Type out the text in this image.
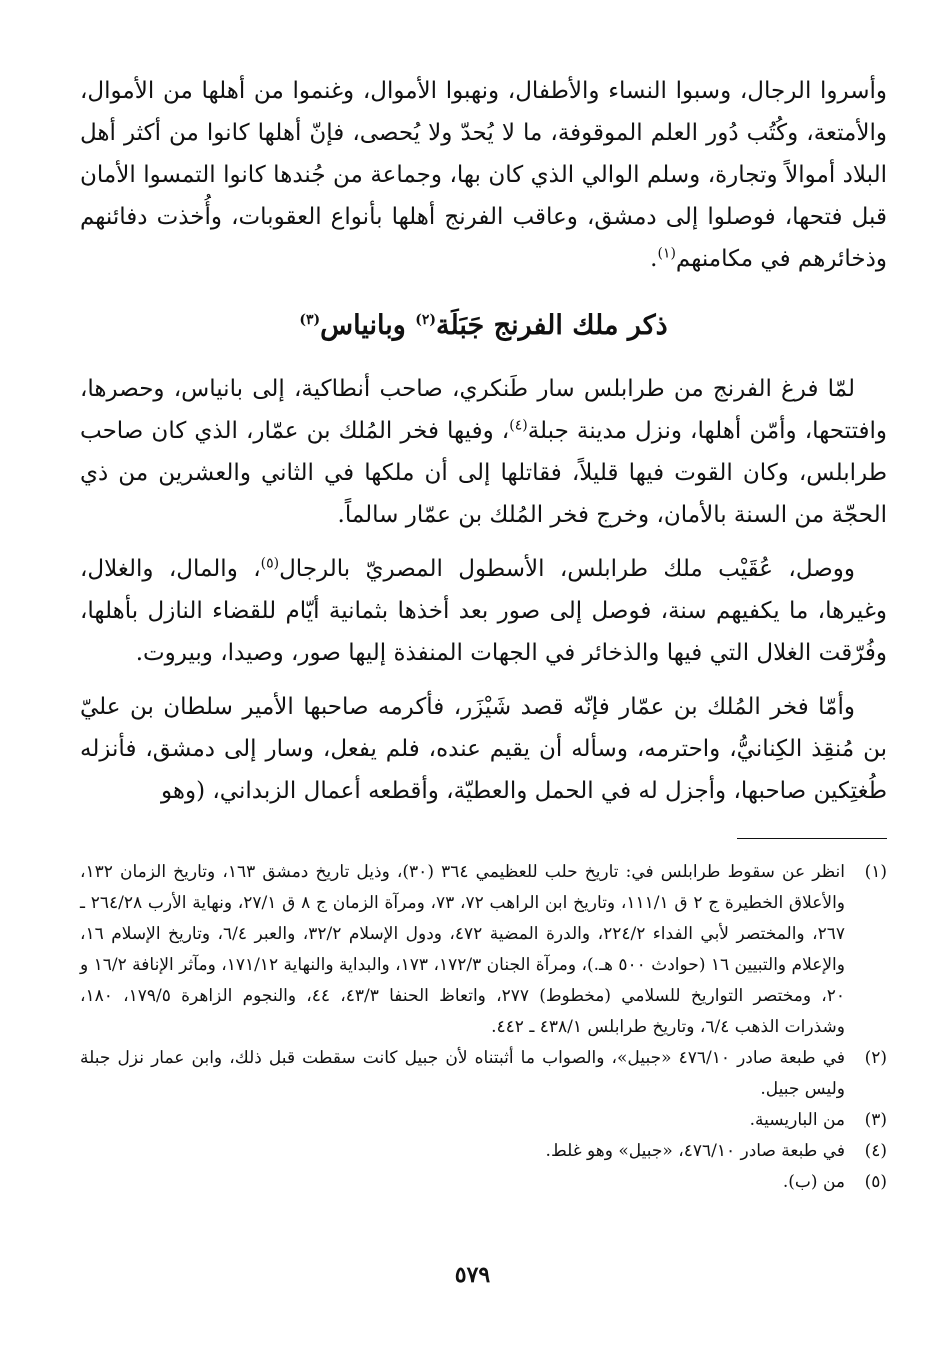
وأسروا الرجال، وسبوا النساء والأطفال، ونهبوا الأموال، وغنموا من أهلها من الأموال، والأمتعة، وكُتُب دُور العلم الموقوفة، ما لا يُحدّ ولا يُحصى، فإنّ أهلها كانوا من أكثر أهل البلاد أموالاً وتجارة، وسلم الوالي الذي كان بها، وجماعة من جُندها كانوا التمسوا الأمان قبل فتحها، فوصلوا إلى دمشق، وعاقب الفرنج أهلها بأنواع العقوبات، وأُخذت دفائنهم وذخائرهم في مكامنهم$^{(١)}$.

ذكر ملك الفرنج جَبَلَة$^{(٢)}$ وبانياس$^{(٣)}$

لمّا فرغ الفرنج من طرابلس سار طَنكري، صاحب أنطاكية، إلى بانياس، وحصرها، وافتتحها، وأمّن أهلها، ونزل مدينة جبلة$^{(٤)}$، وفيها فخر المُلك بن عمّار، الذي كان صاحب طرابلس، وكان القوت فيها قليلاً، فقاتلها إلى أن ملكها في الثاني والعشرين من ذي الحجّة من السنة بالأمان، وخرج فخر المُلك بن عمّار سالماً.

ووصل، عُقَيْب ملك طرابلس، الأسطول المصريّ بالرجال$^{(٥)}$، والمال، والغلال، وغيرها، ما يكفيهم سنة، فوصل إلى صور بعد أخذها بثمانية أيّام للقضاء النازل بأهلها، وفُرّقت الغلال التي فيها والذخائر في الجهات المنفذة إليها صور، وصيدا، وبيروت.

وأمّا فخر المُلك بن عمّار فإنّه قصد شَيْزَر، فأكرمه صاحبها الأمير سلطان بن عليّ بن مُنقِذ الكِنانيُّ، واحترمه، وسأله أن يقيم عنده، فلم يفعل، وسار إلى دمشق، فأنزله طُغتِكين صاحبها، وأجزل له في الحمل والعطيّة، وأقطعه أعمال الزبداني، (وهو

(١)
انظر عن سقوط طرابلس في: تاريخ حلب للعظيمي ٣٦٤ (٣٠)، وذيل تاريخ دمشق ١٦٣، وتاريخ الزمان ١٣٢، والأعلاق الخطيرة ج ٢ ق ١١١/١، وتاريخ ابن الراهب ٧٢، ٧٣، ومرآة الزمان ج ٨ ق ٢٧/١، ونهاية الأرب ٢٦٤/٢٨ ـ ٢٦٧، والمختصر لأبي الفداء ٢٢٤/٢، والدرة المضية ٤٧٢، ودول الإسلام ٣٢/٢، والعبر ٦/٤، وتاريخ الإسلام ١٦، والإعلام والتبيين ١٦ (حوادث ٥٠٠ هـ.)، ومرآة الجنان ١٧٢/٣، ١٧٣، والبداية والنهاية ١٧١/١٢، ومآثر الإنافة ١٦/٢ و ٢٠، ومختصر التواريخ للسلامي (مخطوط) ٢٧٧، واتعاظ الحنفا ٤٣/٣، ٤٤، والنجوم الزاهرة ١٧٩/٥، ١٨٠، وشذرات الذهب ٦/٤، وتاريخ طرابلس ٤٣٨/١ ـ ٤٤٢.
(٢)
في طبعة صادر ٤٧٦/١٠ «جبيل»، والصواب ما أثبتناه لأن جبيل كانت سقطت قبل ذلك، وابن عمار نزل جبلة وليس جبيل.
(٣)
من الباريسية.
(٤)
في طبعة صادر ٤٧٦/١٠، «جبيل» وهو غلط.
(٥)
من (ب).
٥٧٩
